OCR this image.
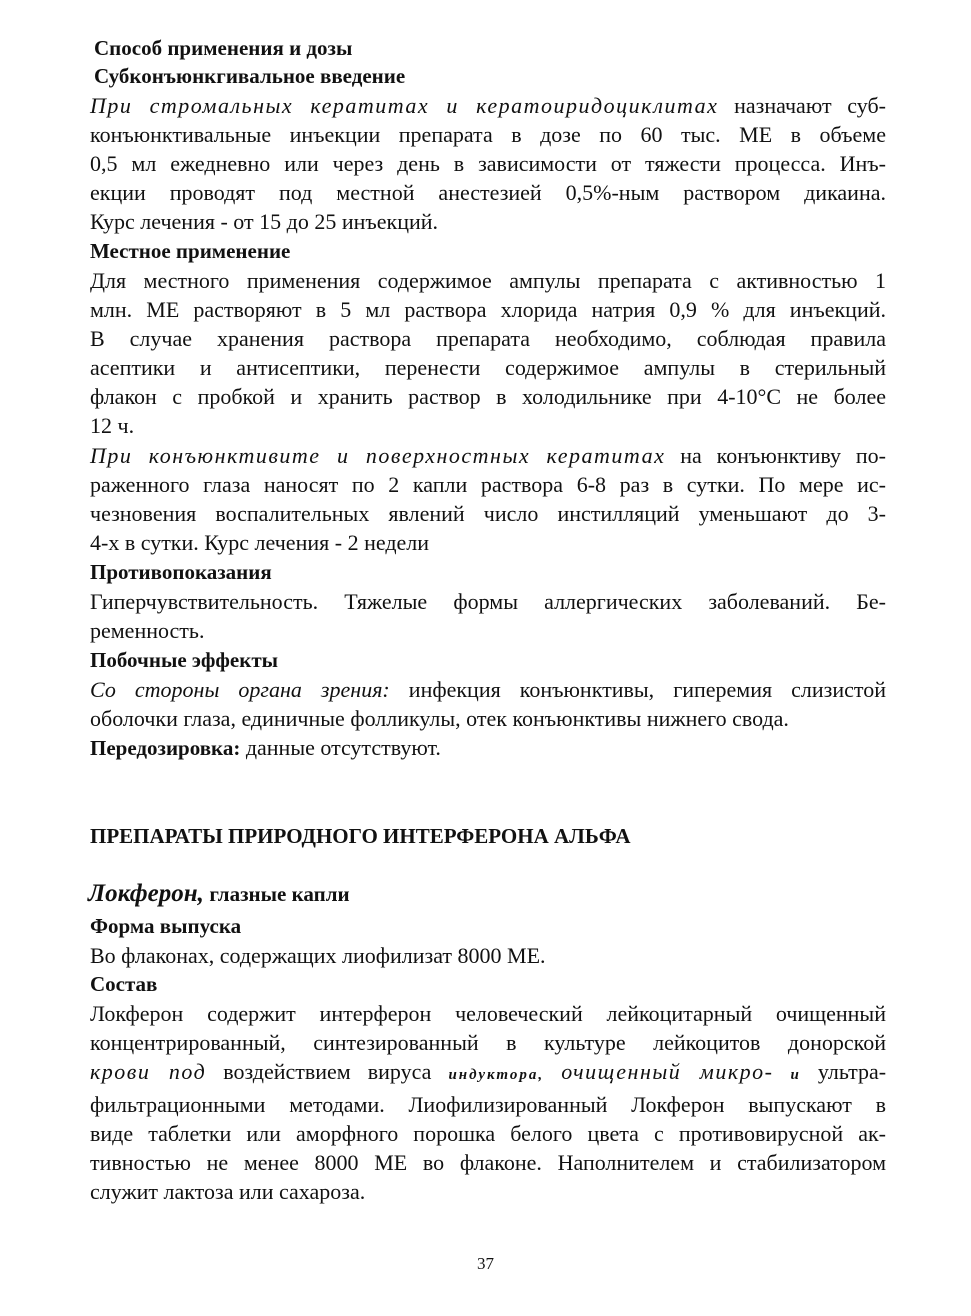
Способ применения и дозы
Субконъюнкгивальное введение
При стромальных кератитах и кератоиридоциклитах назначают суб-
конъюнктивальные инъекции препарата в дозе по 60 тыс. МЕ в объеме
0,5 мл ежедневно или через день в зависимости от тяжести процесса. Инъ-
екции проводят под местной анестезией 0,5%-ным раствором дикаина.
Курс лечения - от 15 до 25 инъекций.
Местное применение
Для местного применения содержимое ампулы препарата с активностью 1
млн. МЕ растворяют в 5 мл раствора хлорида натрия 0,9 % для инъекций.
В случае хранения раствора препарата необходимо, соблюдая правила
асептики и антисептики, перенести содержимое ампулы в стерильный
флакон с пробкой и хранить раствор в холодильнике при 4-10°С не более
12 ч.
При конъюнктивите и поверхностных кератитах на конъюнктиву по-
раженного глаза наносят по 2 капли раствора 6-8 раз в сутки. По мере ис-
чезновения воспалительных явлений число инстилляций уменьшают до 3-
4-х в сутки. Курс лечения - 2 недели
Противопоказания
Гиперчувствительность. Тяжелые формы аллергических заболеваний. Бе-
ременность.
Побочные эффекты
Со стороны органа зрения: инфекция конъюнктивы, гиперемия слизистой
оболочки глаза, единичные фолликулы, отек конъюнктивы нижнего свода.
Передозировка: данные отсутствуют.
ПРЕПАРАТЫ ПРИРОДНОГО ИНТЕРФЕРОНА АЛЬФА
Локферон, глазные капли
Форма выпуска
Во флаконах, содержащих лиофилизат 8000 МЕ.
Состав
Локферон содержит интерферон человеческий лейкоцитарный очищенный
концентрированный, синтезированный в культуре лейкоцитов донорской
крови под воздействием вируса индуктора, очищенный микро- и ультра-
фильтрационными методами. Лиофилизированный Локферон выпускают в
виде таблетки или аморфного порошка белого цвета с противовирусной ак-
тивностью не менее 8000 МЕ во флаконе. Наполнителем и стабилизатором
служит лактоза или сахароза.
37
